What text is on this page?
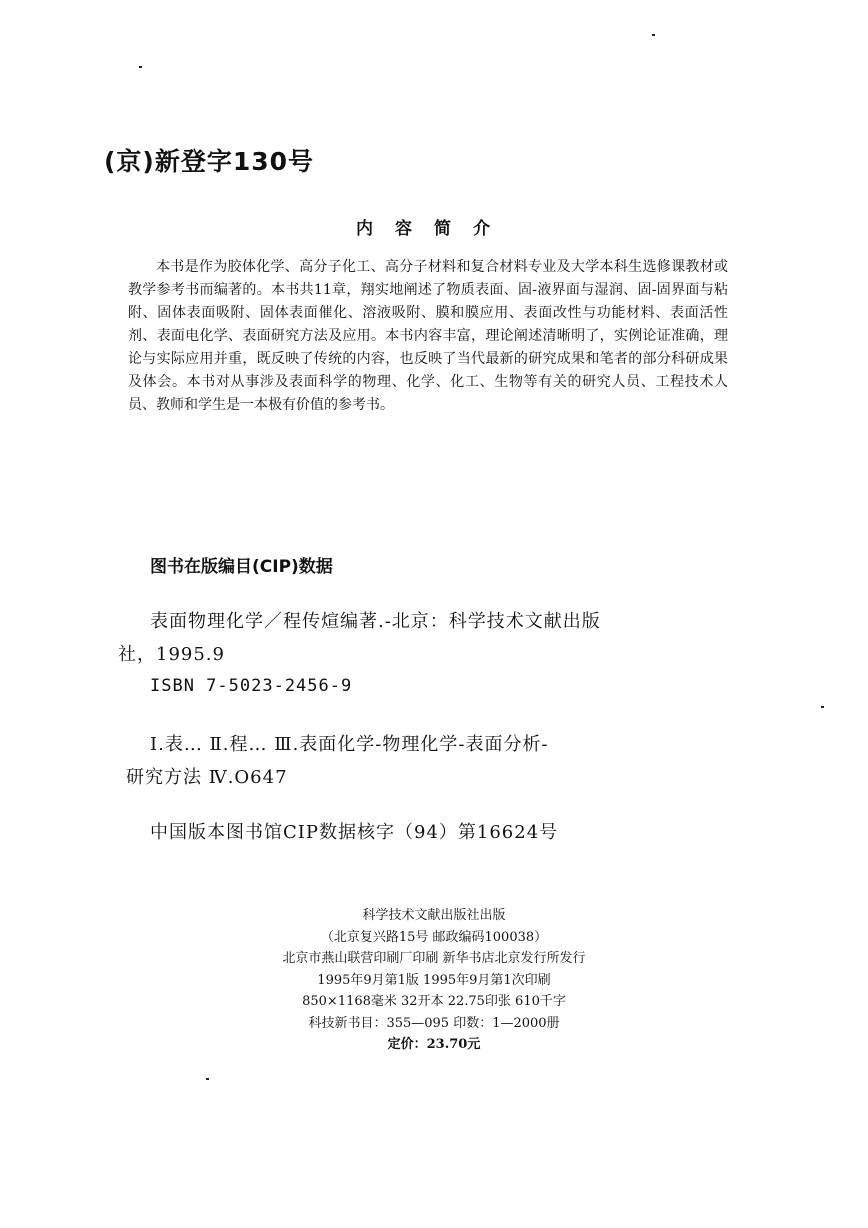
(京)新登字130号
内容简介

本书是作为胶体化学、高分子化工、高分子材料和复合材料专业及大学本科生选修课教材或教学参考书而编著的。本书共11章，翔实地阐述了物质表面、固-液界面与湿润、固-固界面与粘附、固体表面吸附、固体表面催化、溶液吸附、膜和膜应用、表面改性与功能材料、表面活性剂、表面电化学、表面研究方法及应用。本书内容丰富，理论阐述清晰明了，实例论证准确，理论与实际应用并重，既反映了传统的内容，也反映了当代最新的研究成果和笔者的部分科研成果及体会。本书对从事涉及表面科学的物理、化学、化工、生物等有关的研究人员、工程技术人员、教师和学生是一本极有价值的参考书。

图书在版编目(CIP)数据
表面物理化学／程传煊编著.-北京：科学技术文献出版
社，1995.9
ISBN 7-5023-2456-9
Ⅰ.表… Ⅱ.程… Ⅲ.表面化学-物理化学-表面分析-
研究方法 Ⅳ.O647
中国版本图书馆CIP数据核字（94）第16624号
科学技术文献出版社出版
（北京复兴路15号 邮政编码100038）
北京市燕山联营印刷厂印刷 新华书店北京发行所发行
1995年9月第1版 1995年9月第1次印刷
850×1168毫米 32开本 22.75印张 610千字
科技新书目：355—095 印数：1—2000册
定价：23.70元
